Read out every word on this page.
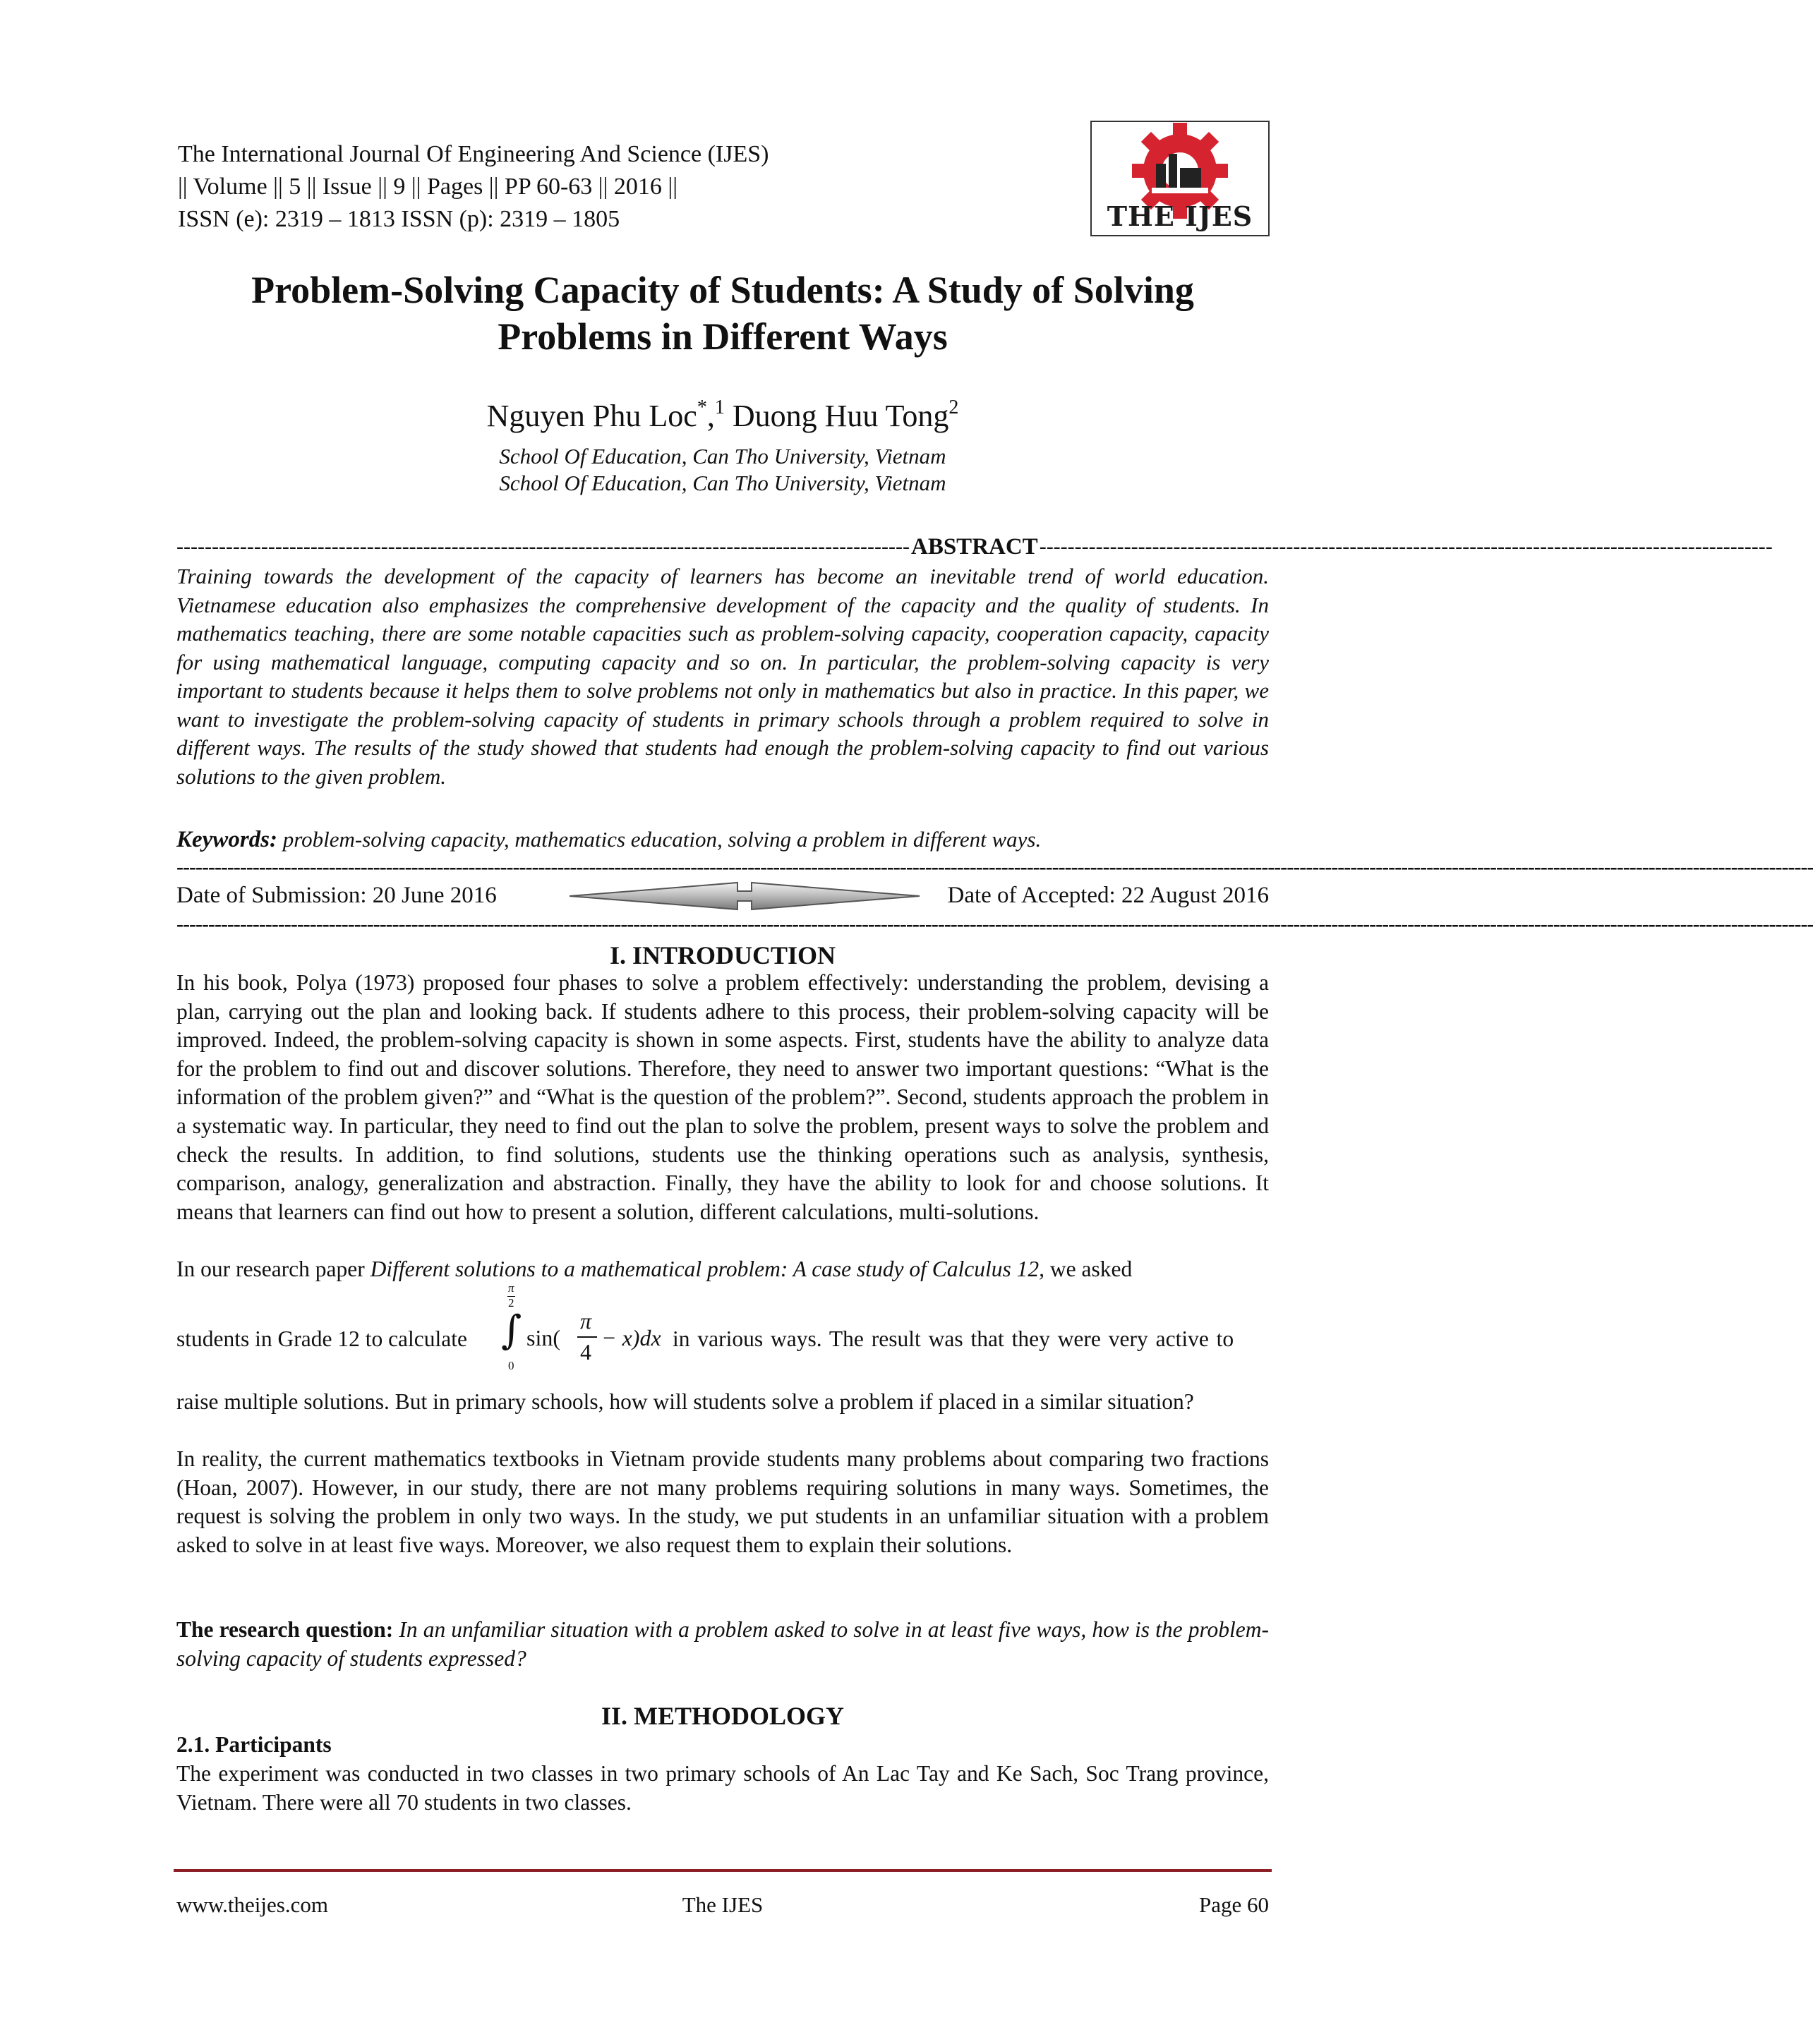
The International Journal Of Engineering And Science (IJES)
|| Volume || 5 || Issue || 9 || Pages || PP 60-63 || 2016 ||
ISSN (e): 2319 – 1813 ISSN (p): 2319 – 1805	THE IJES
Problem-Solving Capacity of Students: A Study of Solving
Problems in Different Ways
Nguyen Phu Loc*,$^1$ Duong Huu Tong$^2$
School Of Education, Can Tho University, Vietnam
School Of Education, Can Tho University, Vietnam
-------------------------------------------------------------------------------------------------------- ABSTRACT --------------------------------------------------------------------------------------------------------
Training towards the development of the capacity of learners has become an inevitable trend of world education. Vietnamese education also emphasizes the comprehensive development of the capacity and the quality of students. In mathematics teaching, there are some notable capacities such as problem-solving capacity, cooperation capacity, capacity for using mathematical language, computing capacity and so on. In particular, the problem-solving capacity is very important to students because it helps them to solve problems not only in mathematics but also in practice. In this paper, we want to investigate the problem-solving capacity of students in primary schools through a problem required to solve in different ways. The results of the study showed that students had enough the problem-solving capacity to find out various solutions to the given problem.
Keywords: problem-solving capacity, mathematics education, solving a problem in different ways.
------------------------------------------------------------------------------------------------------------------------------------------------------------------------------------------------------------------------------------------------------------------
Date of Submission: 20 June 2016	Date of Accepted: 22 August 2016
------------------------------------------------------------------------------------------------------------------------------------------------------------------------------------------------------------------------------------------------------------------
I. INTRODUCTION
In his book, Polya (1973) proposed four phases to solve a problem effectively: understanding the problem, devising a plan, carrying out the plan and looking back. If students adhere to this process, their problem-solving capacity will be improved. Indeed, the problem-solving capacity is shown in some aspects. First, students have the ability to analyze data for the problem to find out and discover solutions. Therefore, they need to answer two important questions: “What is the information of the problem given?” and “What is the question of the problem?”. Second, students approach the problem in a systematic way. In particular, they need to find out the plan to solve the problem, present ways to solve the problem and check the results. In addition, to find solutions, students use the thinking operations such as analysis, synthesis, comparison, analogy, generalization and abstraction. Finally, they have the ability to look for and choose solutions. It means that learners can find out how to present a solution, different calculations, multi-solutions.
In our research paper Different solutions to a mathematical problem: A case study of Calculus 12, we asked
students in Grade 12 to calculate
π
2
∫
0
sin(
π
4
− x)dx in various ways. The result was that they were very active to
raise multiple solutions. But in primary schools, how will students solve a problem if placed in a similar situation?
In reality, the current mathematics textbooks in Vietnam provide students many problems about comparing two fractions (Hoan, 2007). However, in our study, there are not many problems requiring solutions in many ways. Sometimes, the request is solving the problem in only two ways. In the study, we put students in an unfamiliar situation with a problem asked to solve in at least five ways. Moreover, we also request them to explain their solutions.
The research question: In an unfamiliar situation with a problem asked to solve in at least five ways, how is the problem-solving capacity of students expressed?
II. METHODOLOGY
2.1. Participants
The experiment was conducted in two classes in two primary schools of An Lac Tay and Ke Sach, Soc Trang province, Vietnam. There were all 70 students in two classes.
www.theijes.com	The IJES	Page 60
